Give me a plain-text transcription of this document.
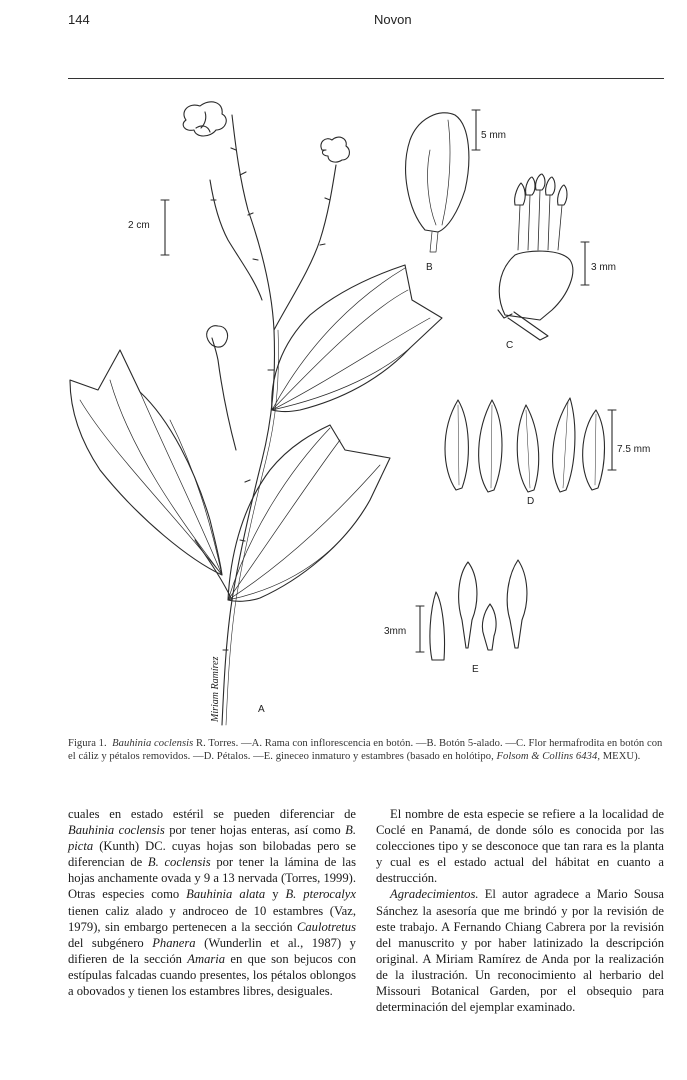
144	Novon
2 cm
5 mm
3 mm
7.5 mm
3mm
A
B
C
D
E
Miriam Ramírez
Figura 1. Bauhinia coclensis R. Torres. —A. Rama con inflorescencia en botón. —B. Botón 5-alado. —C. Flor hermafrodita en botón con el cáliz y pétalos removidos. —D. Pétalos. —E. gineceo inmaturo y estambres (basado en holótipo, Folsom & Collins 6434, MEXU).

cuales en estado estéril se pueden diferenciar de Bauhinia coclensis por tener hojas enteras, así como B. picta (Kunth) DC. cuyas hojas son bilobadas pero se diferencian de B. coclensis por tener la lámina de las hojas anchamente ovada y 9 a 13 nervada (Torres, 1999). Otras especies como Bauhinia alata y B. pterocalyx tienen caliz alado y androceo de 10 estambres (Vaz, 1979), sin embargo pertenecen a la sección Caulotretus del subgénero Phanera (Wunderlin et al., 1987) y difieren de la sección Amaria en que son bejucos con estípulas falcadas cuando presentes, los pétalos oblongos a obovados y tienen los estambres libres, desiguales.

El nombre de esta especie se refiere a la localidad de Coclé en Panamá, de donde sólo es conocida por las colecciones tipo y se desconoce que tan rara es la planta y cual es el estado actual del hábitat en cuanto a destrucción.

Agradecimientos. El autor agradece a Mario Sousa Sánchez la asesoría que me brindó y por la revisión de este trabajo. A Fernando Chiang Cabrera por la revisión del manuscrito y por haber latinizado la descripción original. A Miriam Ramírez de Anda por la realización de la ilustración. Un reconocimiento al herbario del Missouri Botanical Garden, por el obsequio para determinación del ejemplar examinado.
